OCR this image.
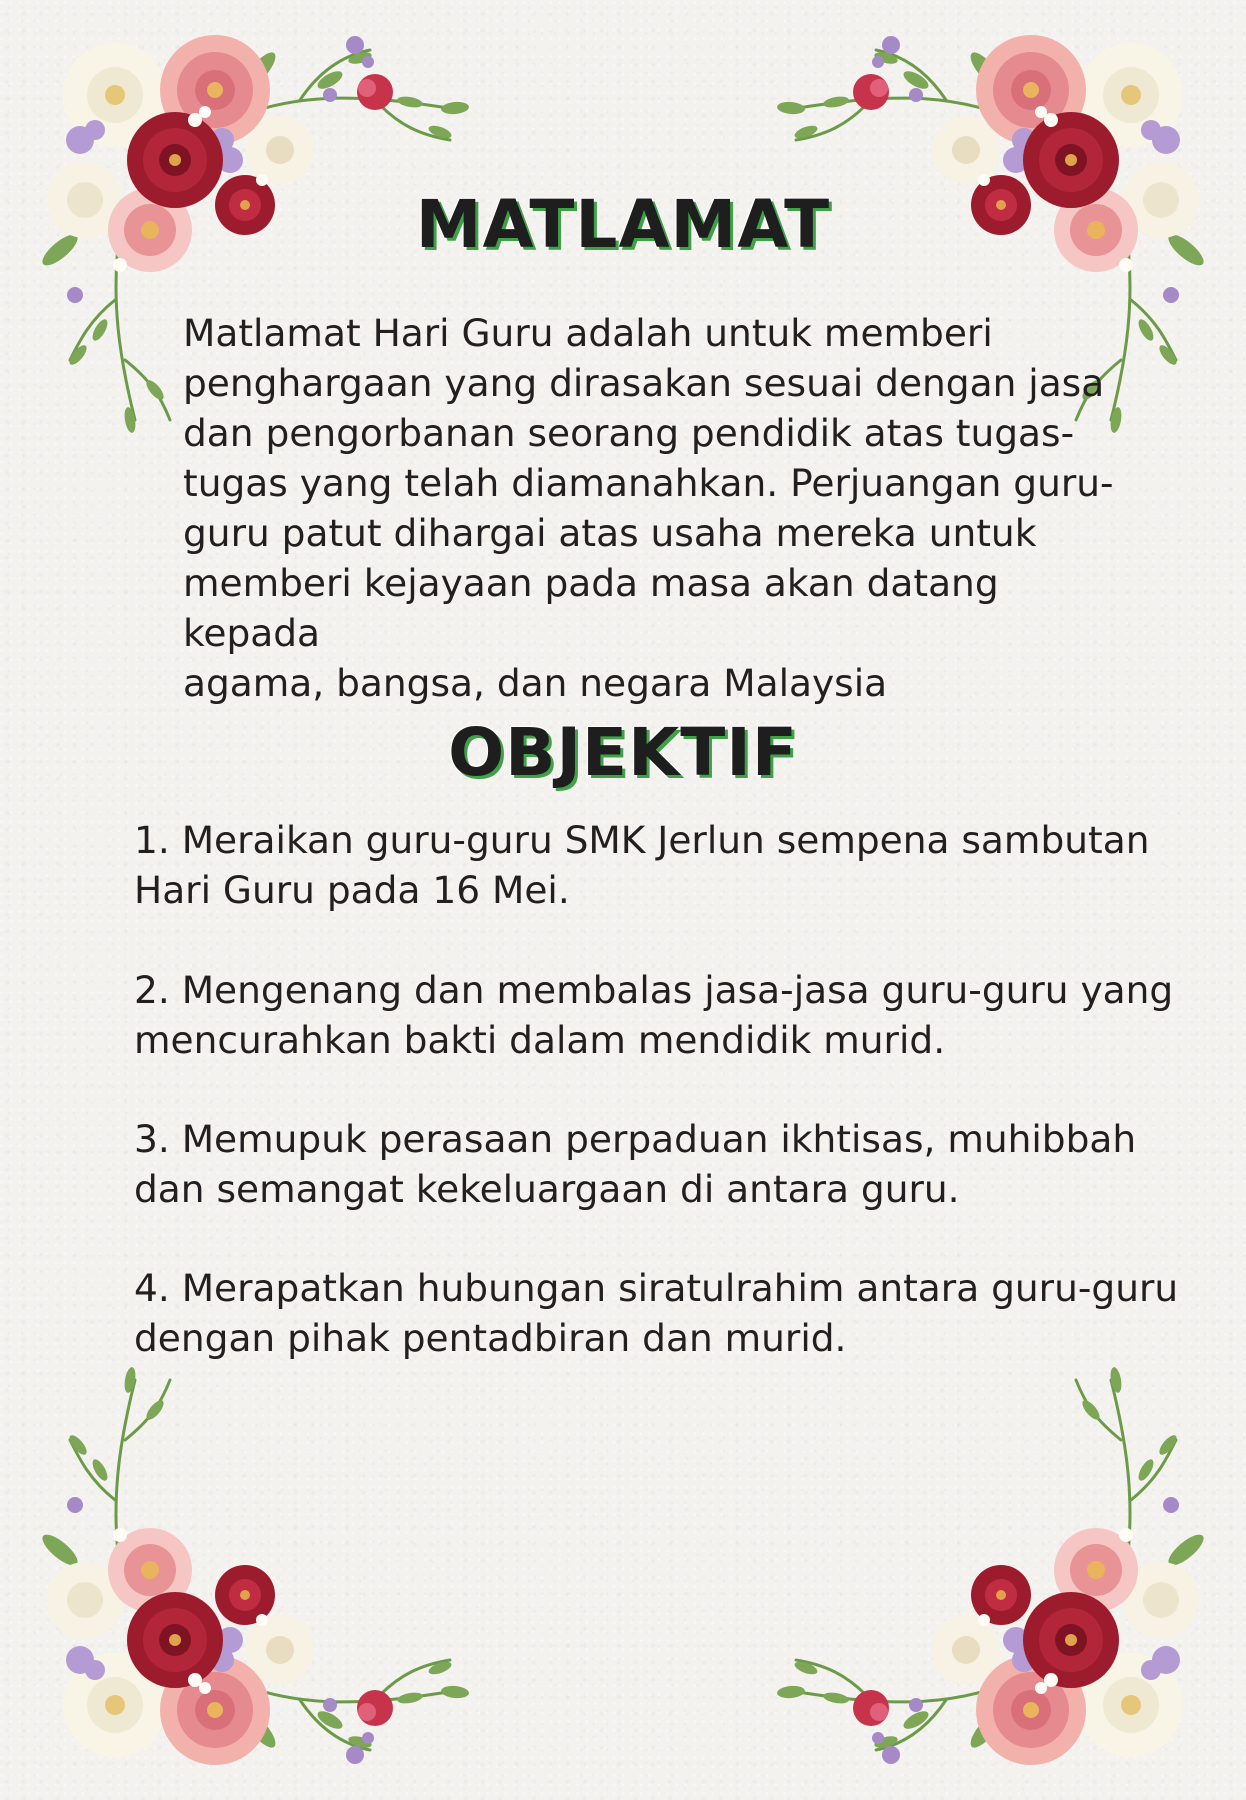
MATLAMAT
Matlamat Hari Guru adalah untuk memberi
penghargaan yang dirasakan sesuai dengan jasa
dan pengorbanan seorang pendidik atas tugas-
tugas yang telah diamanahkan. Perjuangan guru-
guru patut dihargai atas usaha mereka untuk
memberi kejayaan pada masa akan datang kepada
agama, bangsa, dan negara Malaysia
OBJEKTIF
1. Meraikan guru-guru SMK Jerlun sempena sambutan
Hari Guru pada 16 Mei.
2. Mengenang dan membalas jasa-jasa guru-guru yang
mencurahkan bakti dalam mendidik murid.
3. Memupuk perasaan perpaduan ikhtisas, muhibbah
dan semangat kekeluargaan di antara guru.
4. Merapatkan hubungan siratulrahim antara guru-guru
dengan pihak pentadbiran dan murid.
